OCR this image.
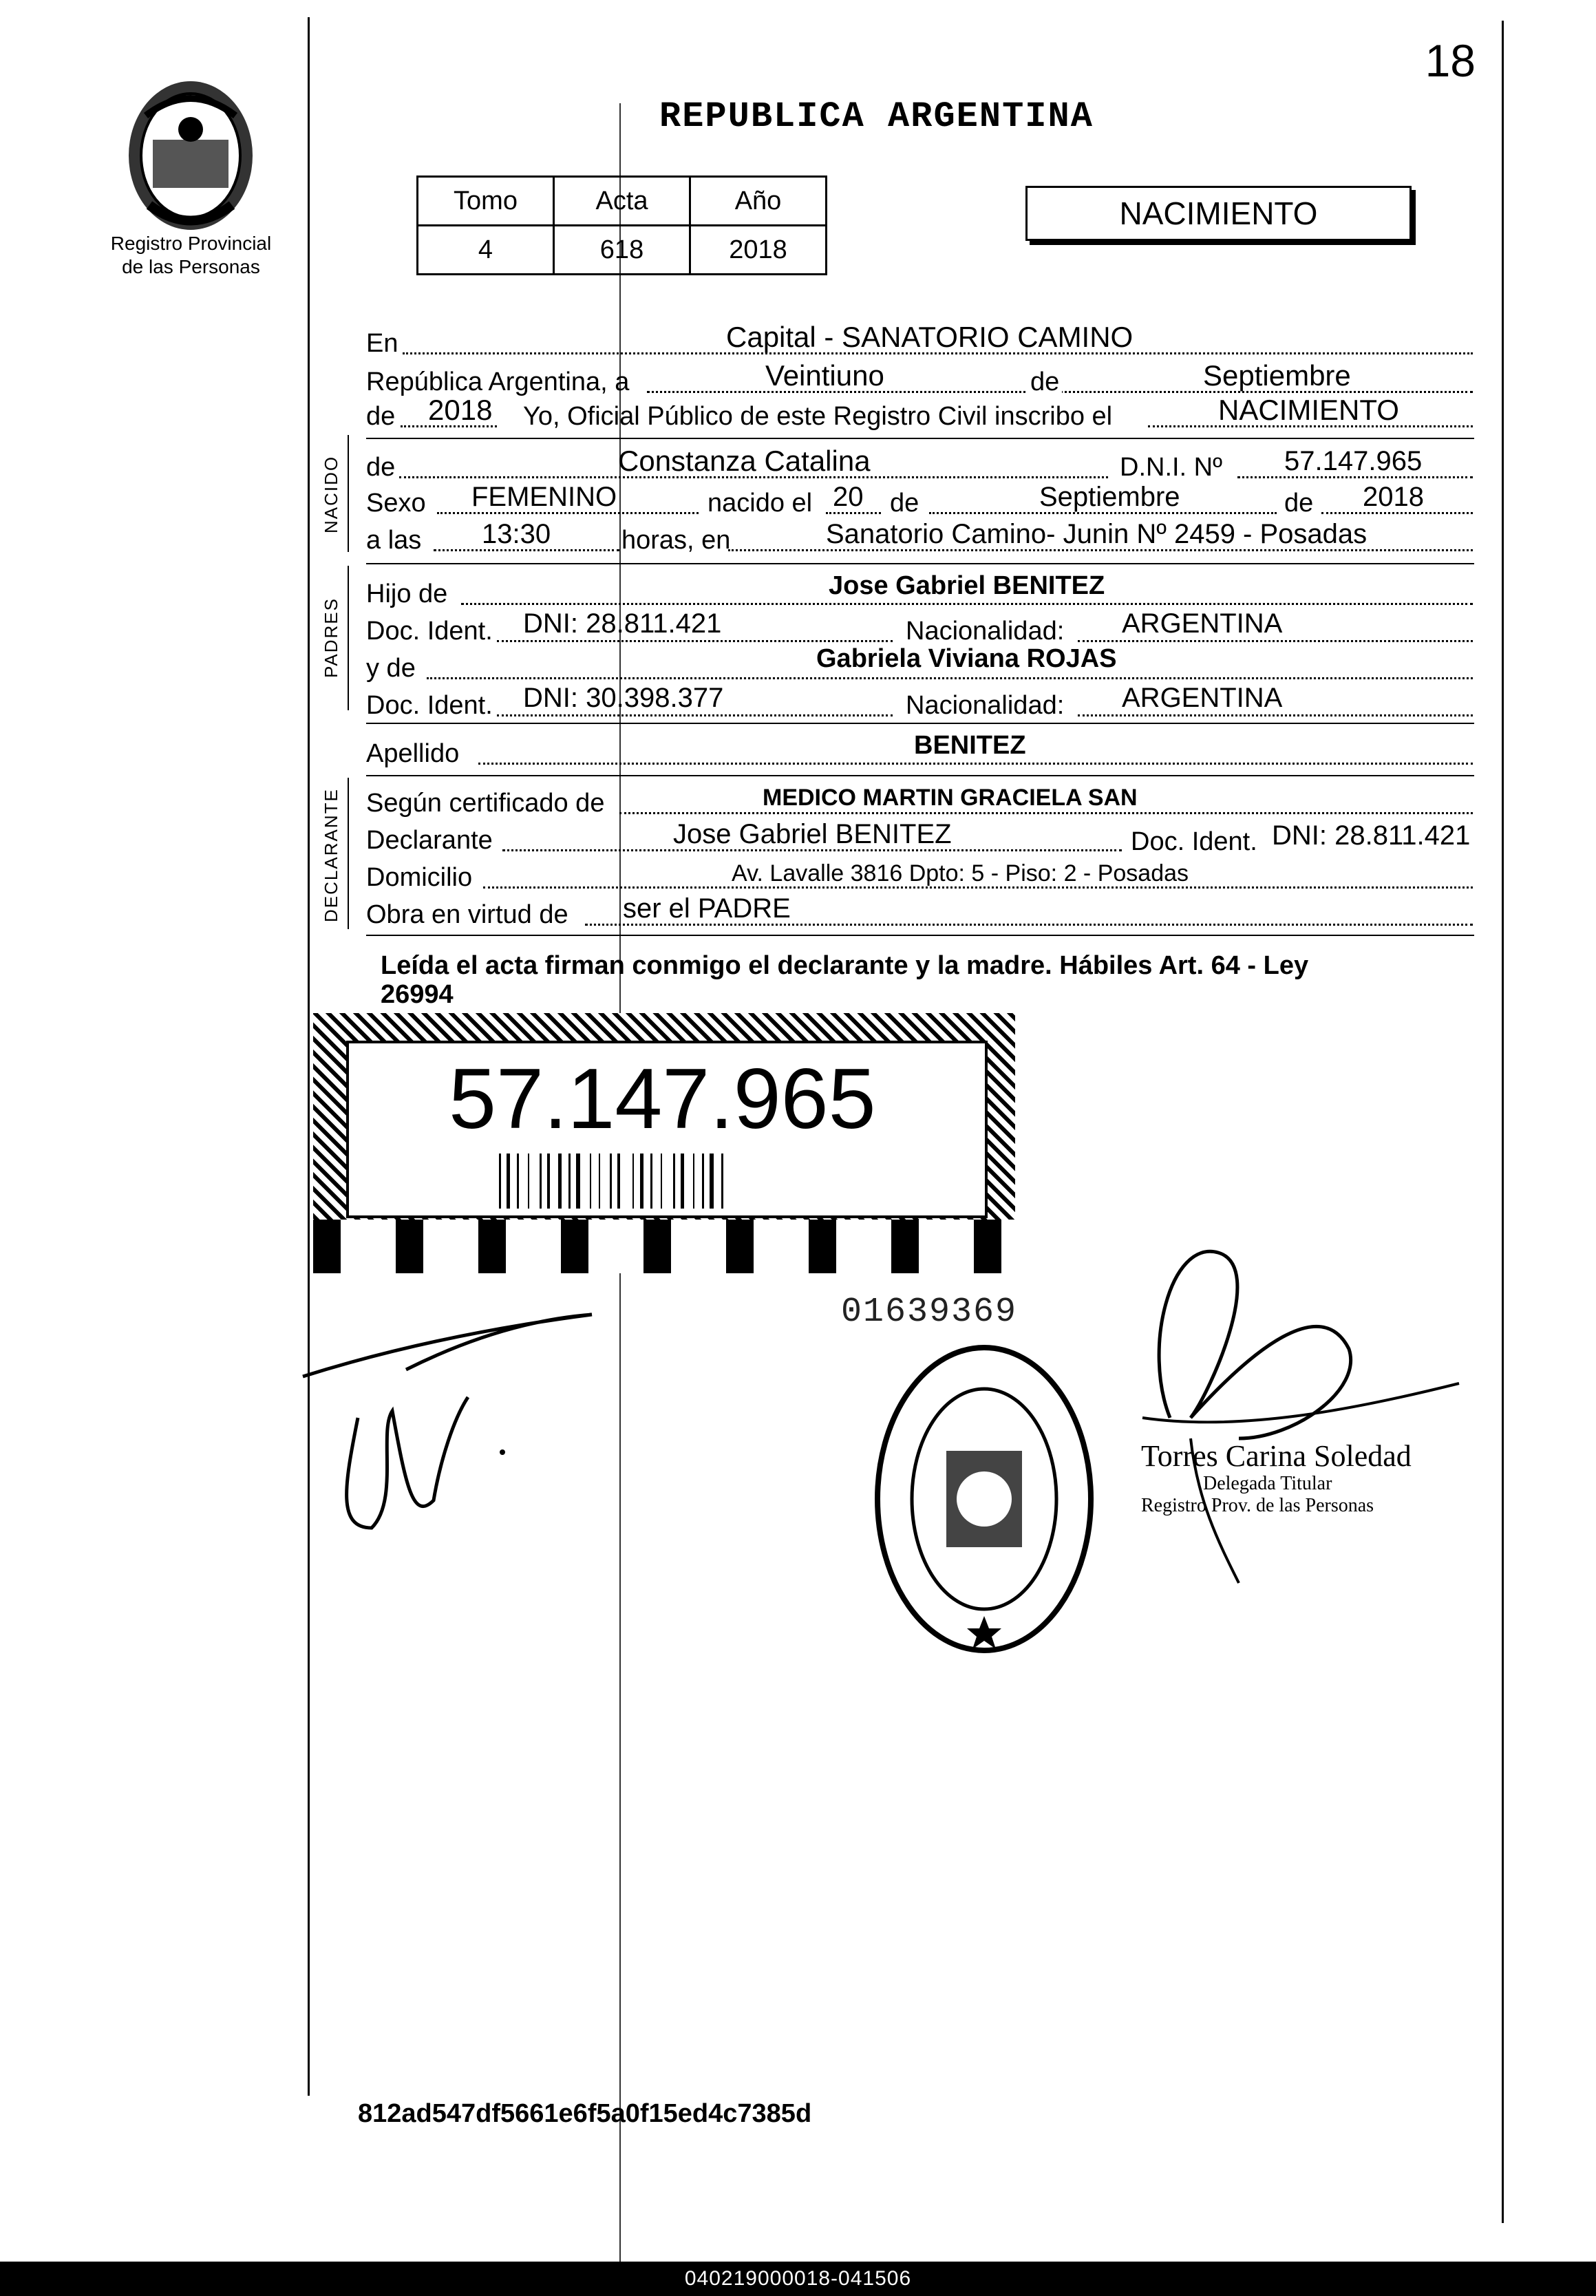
18
Registro Provincial
de las Personas
REPUBLICA ARGENTINA
Tomo	Acta	Año
4	618	2018
NACIMIENTO
En	Capital - SANATORIO CAMINO
República Argentina, a	Veintiuno	de	Septiembre
de 2018 Yo, Oficial Público de este Registro Civil inscribo el	NACIMIENTO
NACIDO de	Constanza Catalina	D.N.I. Nº 57.147.965
Sexo FEMENINO	nacido el 20 de	Septiembre	de 2018
a las 13:30	horas, en	Sanatorio Camino- Junin Nº 2459 - Posadas
PADRES
Hijo de	Jose Gabriel BENITEZ
Doc. Ident. DNI: 28.811.421	Nacionalidad: ARGENTINA
y de	Gabriela Viviana ROJAS
Doc. Ident. DNI: 30.398.377	Nacionalidad: ARGENTINA
Apellido	BENITEZ
DECLARANTE Según certificado de	MEDICO MARTIN GRACIELA SAN
Declarante	Jose Gabriel BENITEZ	Doc. Ident. DNI: 28.811.421
Domicilio	Av. Lavalle 3816 Dpto: 5 - Piso: 2 - Posadas
Obra en virtud de ser el PADRE
Leída el acta firman conmigo el declarante y la madre. Hábiles Art. 64 - Ley
26994
57.147.965
01639369
Torres Carina Soledad
Delegada Titular
Registro Prov. de las Personas
812ad547df5661e6f5a0f15ed4c7385d
040219000018-041506
